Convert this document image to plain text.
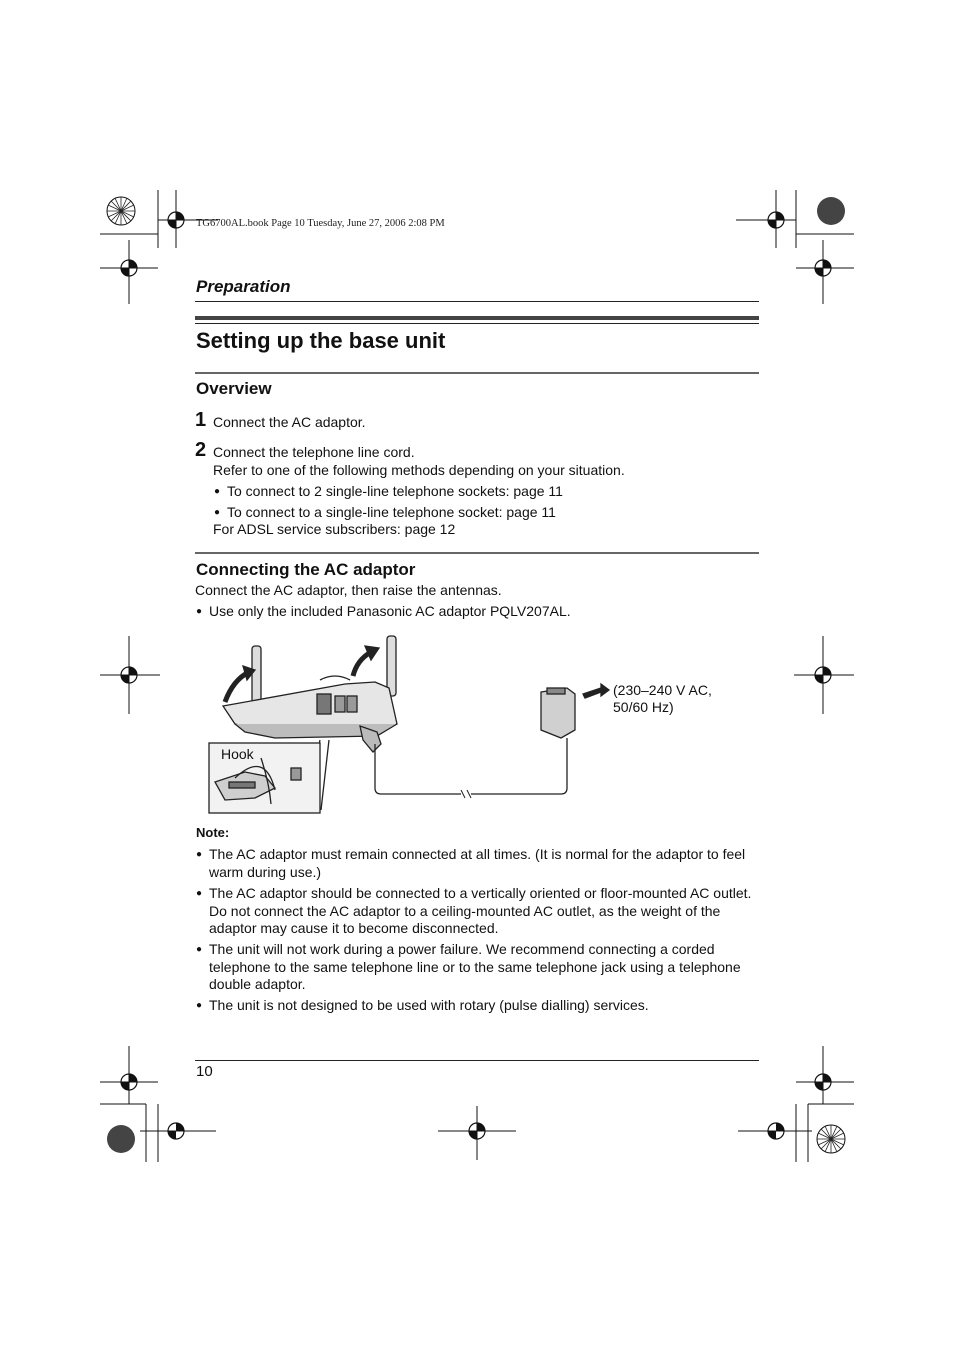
TG6700AL.book Page 10 Tuesday, June 27, 2006 2:08 PM
Preparation
Setting up the base unit
Overview
1 Connect the AC adaptor.
2 Connect the telephone line cord.
Refer to one of the following methods depending on your situation.
● To connect to 2 single-line telephone sockets: page 11
● To connect to a single-line telephone socket: page 11
For ADSL service subscribers: page 12
Connecting the AC adaptor
Connect the AC adaptor, then raise the antennas.
● Use only the included Panasonic AC adaptor PQLV207AL.
Hook
(230–240 V AC,
50/60 Hz)
Note:
● The AC adaptor must remain connected at all times. (It is normal for the adaptor to feel warm during use.)
● The AC adaptor should be connected to a vertically oriented or floor-mounted AC outlet. Do not connect the AC adaptor to a ceiling-mounted AC outlet, as the weight of the adaptor may cause it to become disconnected.
● The unit will not work during a power failure. We recommend connecting a corded telephone to the same telephone line or to the same telephone jack using a telephone double adaptor.
● The unit is not designed to be used with rotary (pulse dialling) services.
10
